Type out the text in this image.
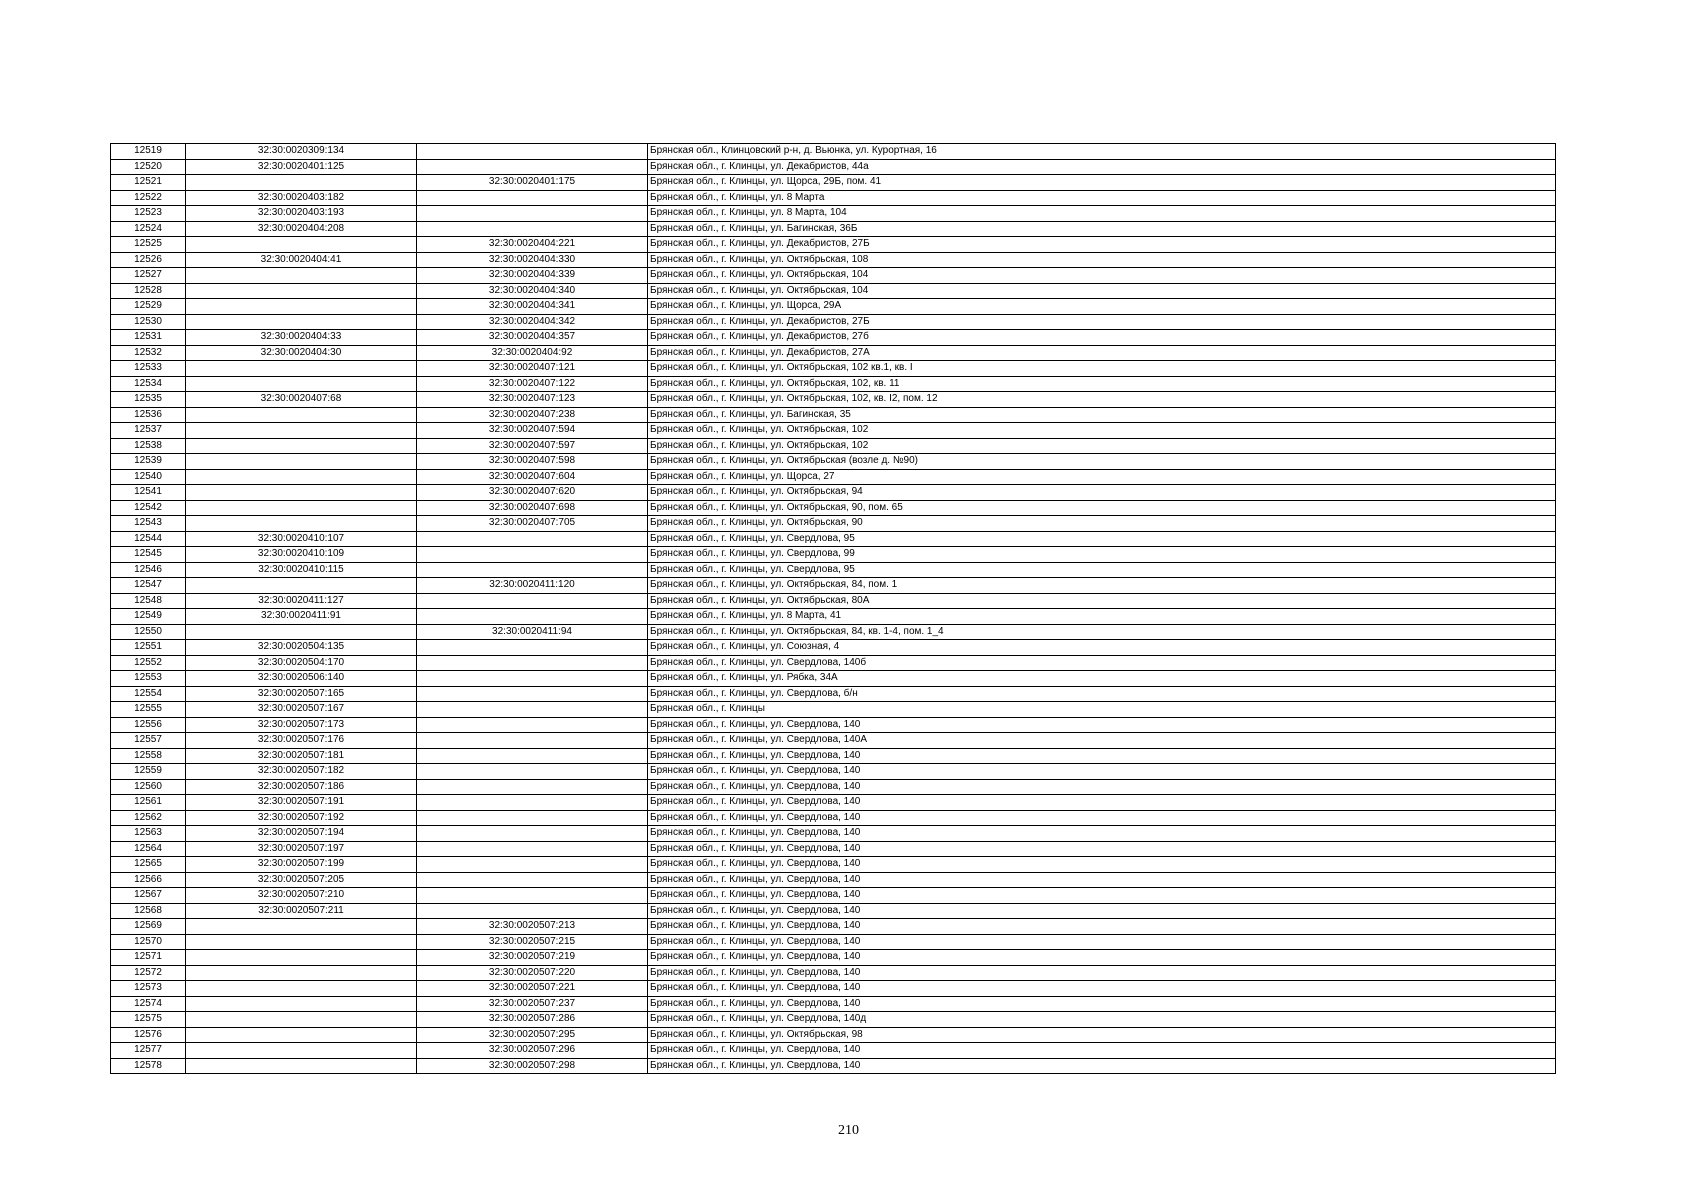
12519	32:30:0020309:134		Брянская обл., Клинцовский р-н, д. Вьюнка, ул. Курортная, 16
12520	32:30:0020401:125		Брянская обл., г. Клинцы, ул. Декабристов, 44а
12521		32:30:0020401:175	Брянская обл., г. Клинцы, ул. Щорса, 29Б, пом. 41
12522	32:30:0020403:182		Брянская обл., г. Клинцы, ул. 8 Марта
12523	32:30:0020403:193		Брянская обл., г. Клинцы, ул. 8 Марта, 104
12524	32:30:0020404:208		Брянская обл., г. Клинцы, ул. Багинская, 36Б
12525		32:30:0020404:221	Брянская обл., г. Клинцы, ул. Декабристов, 27Б
12526	32:30:0020404:41	32:30:0020404:330	Брянская обл., г. Клинцы, ул. Октябрьская, 108
12527		32:30:0020404:339	Брянская обл., г. Клинцы, ул. Октябрьская, 104
12528		32:30:0020404:340	Брянская обл., г. Клинцы, ул. Октябрьская, 104
12529		32:30:0020404:341	Брянская обл., г. Клинцы, ул. Щорса, 29А
12530		32:30:0020404:342	Брянская обл., г. Клинцы, ул. Декабристов, 27Б
12531	32:30:0020404:33	32:30:0020404:357	Брянская обл., г. Клинцы, ул. Декабристов, 27б
12532	32:30:0020404:30	32:30:0020404:92	Брянская обл., г. Клинцы, ул. Декабристов, 27А
12533		32:30:0020407:121	Брянская обл., г. Клинцы, ул. Октябрьская, 102 кв.1, кв. I
12534		32:30:0020407:122	Брянская обл., г. Клинцы, ул. Октябрьская, 102, кв. 11
12535	32:30:0020407:68	32:30:0020407:123	Брянская обл., г. Клинцы, ул. Октябрьская, 102, кв. I2, пом. 12
12536		32:30:0020407:238	Брянская обл., г. Клинцы, ул. Багинская, 35
12537		32:30:0020407:594	Брянская обл., г. Клинцы, ул. Октябрьская, 102
12538		32:30:0020407:597	Брянская обл., г. Клинцы, ул. Октябрьская, 102
12539		32:30:0020407:598	Брянская обл., г. Клинцы, ул. Октябрьская (возле д. №90)
12540		32:30:0020407:604	Брянская обл., г. Клинцы, ул. Щорса, 27
12541		32:30:0020407:620	Брянская обл., г. Клинцы, ул. Октябрьская, 94
12542		32:30:0020407:698	Брянская обл., г. Клинцы, ул. Октябрьская, 90, пом. 65
12543		32:30:0020407:705	Брянская обл., г. Клинцы, ул. Октябрьская, 90
12544	32:30:0020410:107		Брянская обл., г. Клинцы, ул. Свердлова, 95
12545	32:30:0020410:109		Брянская обл., г. Клинцы, ул. Свердлова, 99
12546	32:30:0020410:115		Брянская обл., г. Клинцы, ул. Свердлова, 95
12547		32:30:0020411:120	Брянская обл., г. Клинцы, ул. Октябрьская, 84, пом. 1
12548	32:30:0020411:127		Брянская обл., г. Клинцы, ул. Октябрьская, 80А
12549	32:30:0020411:91		Брянская обл., г. Клинцы, ул. 8 Марта, 41
12550		32:30:0020411:94	Брянская обл., г. Клинцы, ул. Октябрьская, 84, кв. 1-4, пом. 1_4
12551	32:30:0020504:135		Брянская обл., г. Клинцы, ул. Союзная, 4
12552	32:30:0020504:170		Брянская обл., г. Клинцы, ул. Свердлова, 140б
12553	32:30:0020506:140		Брянская обл., г. Клинцы, ул. Рябка, 34А
12554	32:30:0020507:165		Брянская обл., г. Клинцы, ул. Свердлова, б/н
12555	32:30:0020507:167		Брянская обл., г. Клинцы
12556	32:30:0020507:173		Брянская обл., г. Клинцы, ул. Свердлова, 140
12557	32:30:0020507:176		Брянская обл., г. Клинцы, ул. Свердлова, 140А
12558	32:30:0020507:181		Брянская обл., г. Клинцы, ул. Свердлова, 140
12559	32:30:0020507:182		Брянская обл., г. Клинцы, ул. Свердлова, 140
12560	32:30:0020507:186		Брянская обл., г. Клинцы, ул. Свердлова, 140
12561	32:30:0020507:191		Брянская обл., г. Клинцы, ул. Свердлова, 140
12562	32:30:0020507:192		Брянская обл., г. Клинцы, ул. Свердлова, 140
12563	32:30:0020507:194		Брянская обл., г. Клинцы, ул. Свердлова, 140
12564	32:30:0020507:197		Брянская обл., г. Клинцы, ул. Свердлова, 140
12565	32:30:0020507:199		Брянская обл., г. Клинцы, ул. Свердлова, 140
12566	32:30:0020507:205		Брянская обл., г. Клинцы, ул. Свердлова, 140
12567	32:30:0020507:210		Брянская обл., г. Клинцы, ул. Свердлова, 140
12568	32:30:0020507:211		Брянская обл., г. Клинцы, ул. Свердлова, 140
12569		32:30:0020507:213	Брянская обл., г. Клинцы, ул. Свердлова, 140
12570		32:30:0020507:215	Брянская обл., г. Клинцы, ул. Свердлова, 140
12571		32:30:0020507:219	Брянская обл., г. Клинцы, ул. Свердлова, 140
12572		32:30:0020507:220	Брянская обл., г. Клинцы, ул. Свердлова, 140
12573		32:30:0020507:221	Брянская обл., г. Клинцы, ул. Свердлова, 140
12574		32:30:0020507:237	Брянская обл., г. Клинцы, ул. Свердлова, 140
12575		32:30:0020507:286	Брянская обл., г. Клинцы, ул. Свердлова, 140д
12576		32:30:0020507:295	Брянская обл., г. Клинцы, ул. Октябрьская, 98
12577		32:30:0020507:296	Брянская обл., г. Клинцы, ул. Свердлова, 140
12578		32:30:0020507:298	Брянская обл., г. Клинцы, ул. Свердлова, 140
210
